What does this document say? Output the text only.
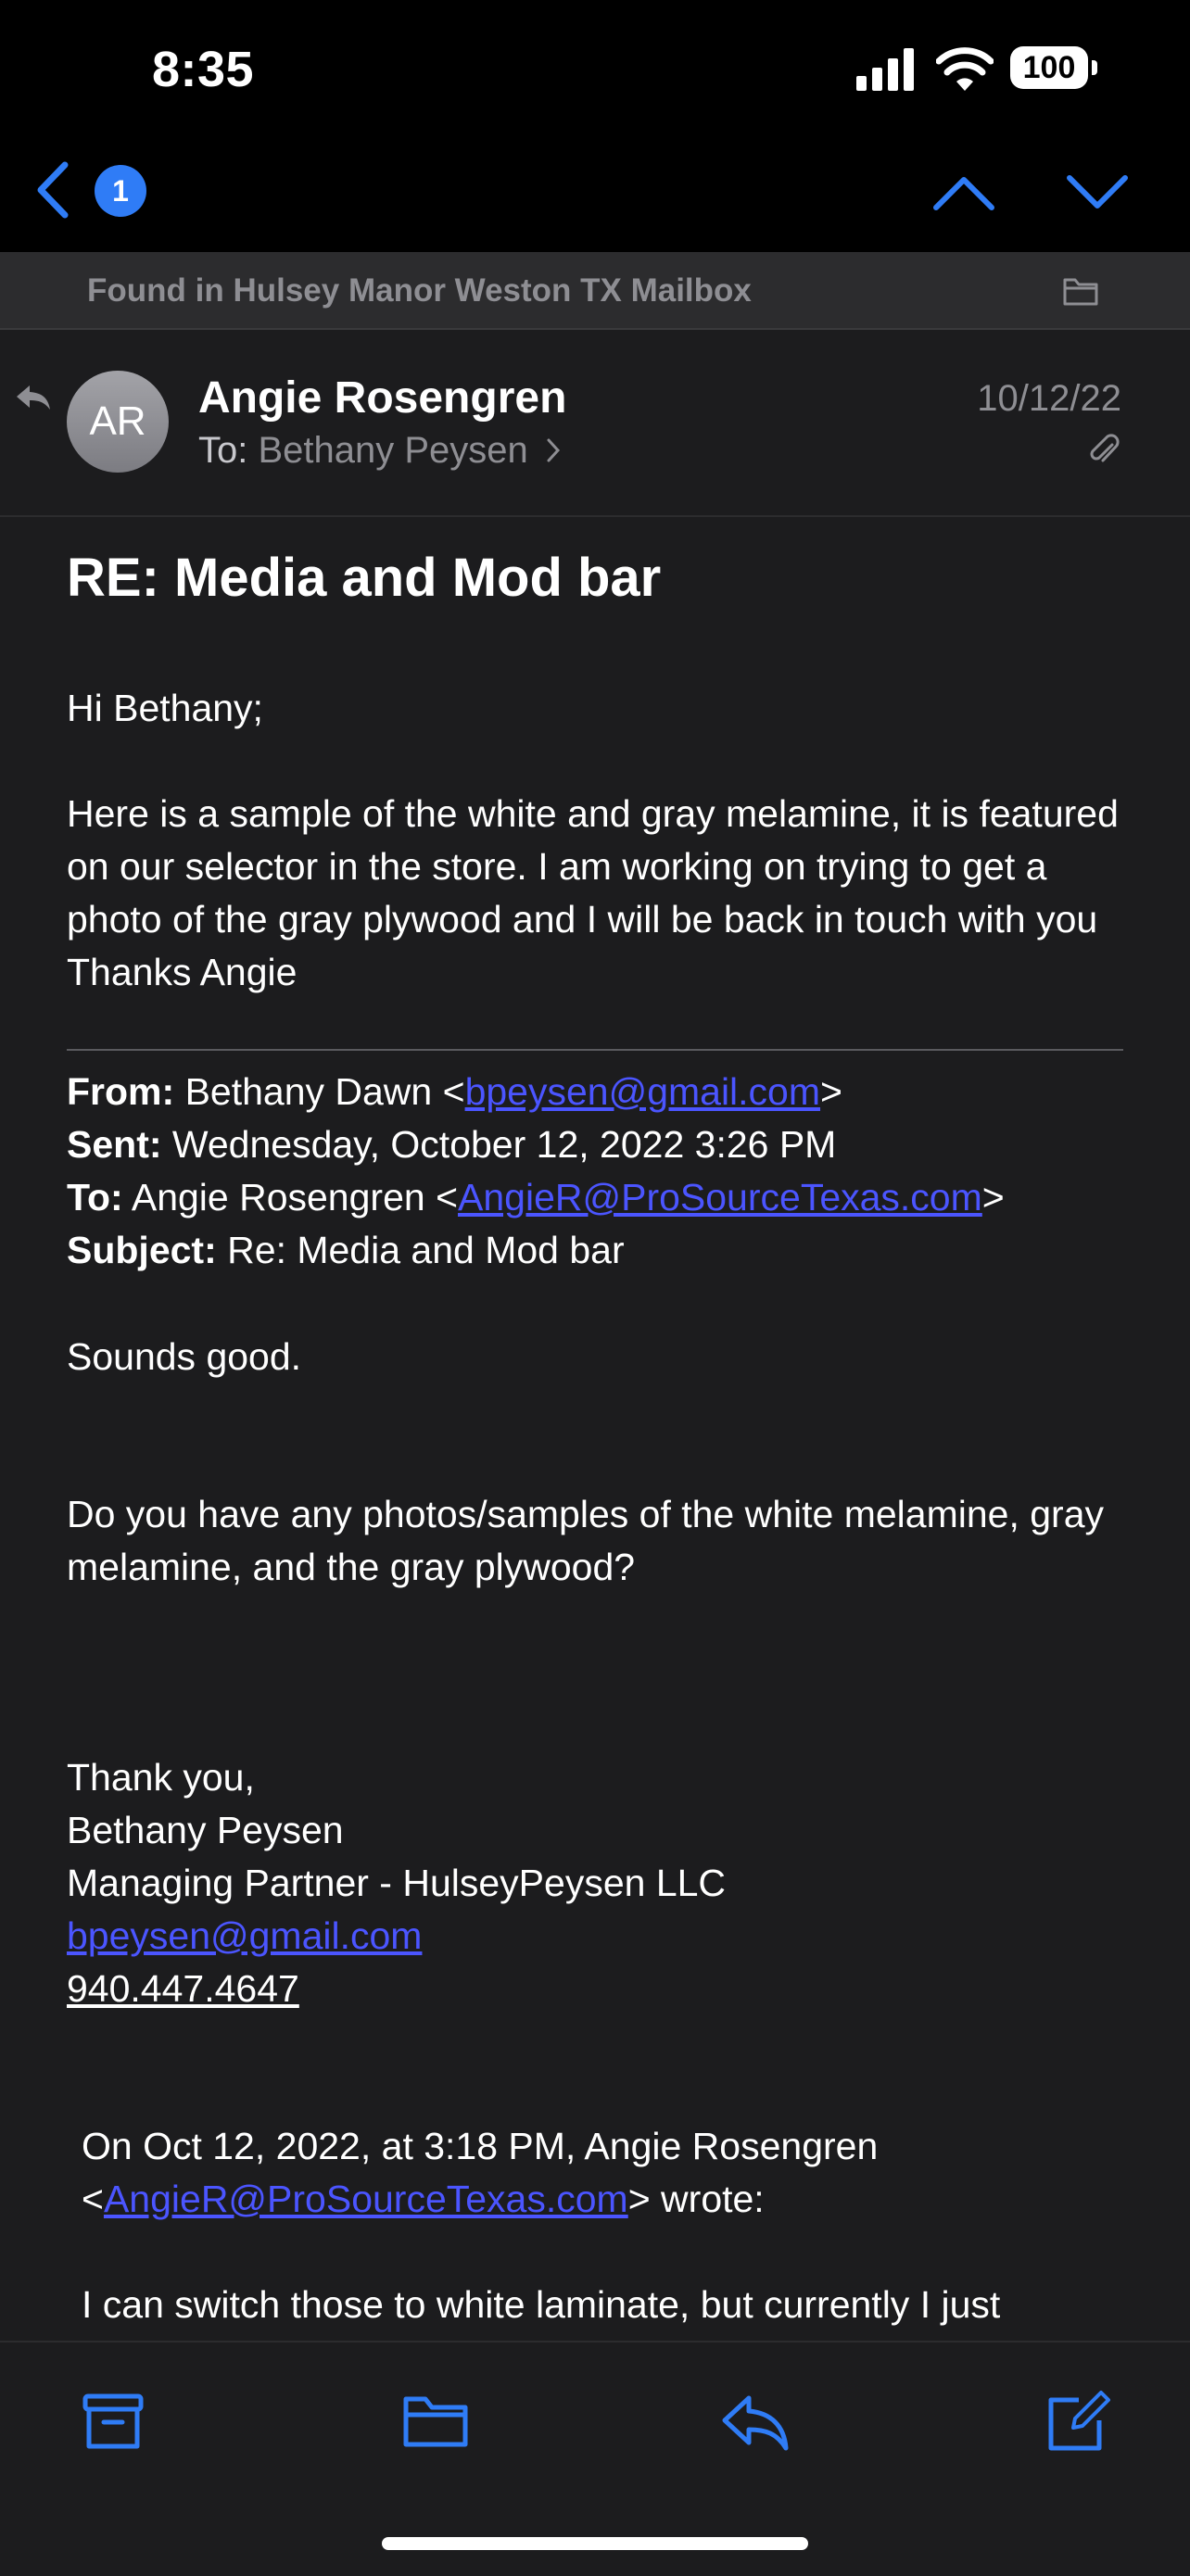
8:35	100
1
Found in Hulsey Manor Weston TX Mailbox
AR	Angie Rosengren
To: Bethany Peysen
10/12/22
RE: Media and Mod bar
Hi Bethany;
Here is a sample of the white and gray melamine, it is featured on our selector in the store. I am working on trying to get a photo of the gray plywood and I will be back in touch with you Thanks Angie

From: Bethany Dawn <bpeysen@gmail.com>

Sent: Wednesday, October 12, 2022 3:26 PM

To: Angie Rosengren <AngieR@ProSourceTexas.com>

Subject: Re: Media and Mod bar

Sounds good.
Do you have any photos/samples of the white melamine, gray melamine, and the gray plywood?

Thank you,

Bethany Peysen

Managing Partner - HulseyPeysen LLC

bpeysen@gmail.com

940.447.4647

On Oct 12, 2022, at 3:18 PM, Angie Rosengren

<AngieR@ProSourceTexas.com> wrote:

I can switch those to white laminate, but currently I just
